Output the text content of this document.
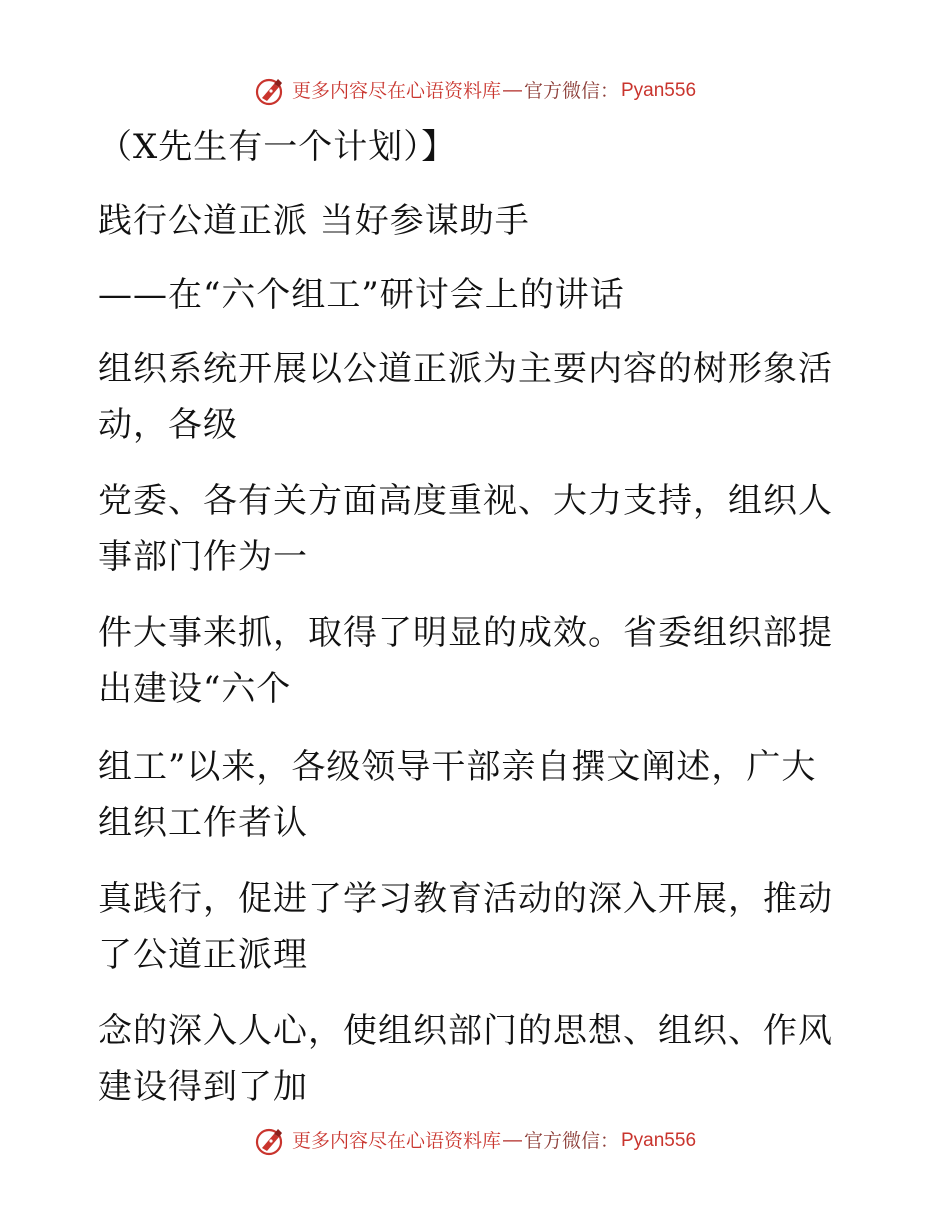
更多内容尽在心语资料库 — 官方微信： Pyan556
（X先生有一个计划）】
践行公道正派 当好参谋助手
——在“六个组工”研讨会上的讲话
组织系统开展以公道正派为主要内容的树形象活
动，各级
党委、各有关方面高度重视、大力支持，组织人
事部门作为一
件大事来抓，取得了明显的成效。省委组织部提
出建设“六个
组工”以来，各级领导干部亲自撰文阐述，广大
组织工作者认
真践行，促进了学习教育活动的深入开展，推动
了公道正派理
念的深入人心，使组织部门的思想、组织、作风
建设得到了加
更多内容尽在心语资料库 — 官方微信： Pyan556
